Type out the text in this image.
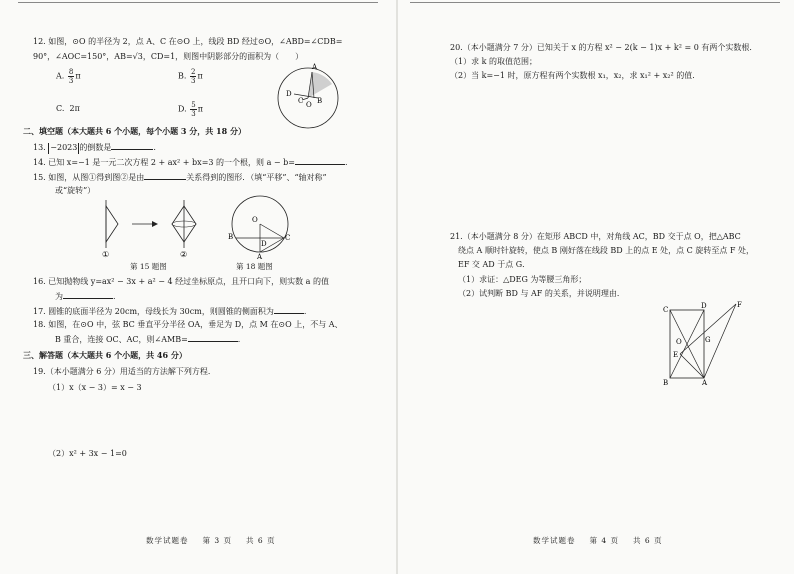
12. 如图，⊙O 的半径为 2，点 A、C 在⊙O 上，线段 BD 经过⊙O，∠ABD=∠CDB=
90°，∠AOC=150°，AB=√3，CD=1，则图中阴影部分的面积为（　　）
A. $\frac{8}{3}$ π	B. $\frac{2}{3}$ π
C. 2π	D. $\frac{5}{3}$ π
A
O
D
B
C
二、填空题（本大题共 6 个小题，每个小题 3 分，共 18 分）
13. −2023 的倒数是	.
14. 已知 x=−1 是一元二次方程 2 + ax² + bx=3 的一个根，则 a − b=	.
15. 如图，从图①得到图②是由	关系得到的图形．（填“平移”、“轴对称”
或“旋转”）
①	②
O
B
D
C
A
第 15 题图	第 18 题图
16. 已知抛物线 y=ax² − 3x + a² − 4 经过坐标原点，且开口向下，则实数 a 的值
为	.
17. 圆锥的底面半径为 20cm，母线长为 30cm，则圆锥的侧面积为	.
18. 如图，在⊙O 中，弦 BC 垂直平分半径 OA，垂足为 D，点 M 在⊙O 上，不与 A、
B 重合，连接 OC、AC，则∠AMB=	.
三、解答题（本大题共 6 个小题，共 46 分）
19.（本小题满分 6 分）用适当的方法解下列方程．
（1）x（x − 3）= x − 3
（2）x² + 3x − 1=0
数学试题卷 第 3 页 共 6 页
20.（本小题满分 7 分）已知关于 x 的方程 x² − 2(k − 1)x + k² = 0 有两个实数根．
（1）求 k 的取值范围；
（2）当 k=−1 时，原方程有两个实数根 x₁，x₂，求 x₁² + x₂² 的值．
21.（本小题满分 8 分）在矩形 ABCD 中，对角线 AC，BD 交于点 O，把△ABC
绕点 A 顺时针旋转，使点 B 刚好落在线段 BD 上的点 E 处，点 C 旋转至点 F 处，
EF 交 AD 于点 G．
（1）求证：△DEG 为等腰三角形；
（2）试判断 BD 与 AF 的关系，并说明理由．
C	D	F
O	G
E
B	A
数学试题卷 第 4 页 共 6 页
